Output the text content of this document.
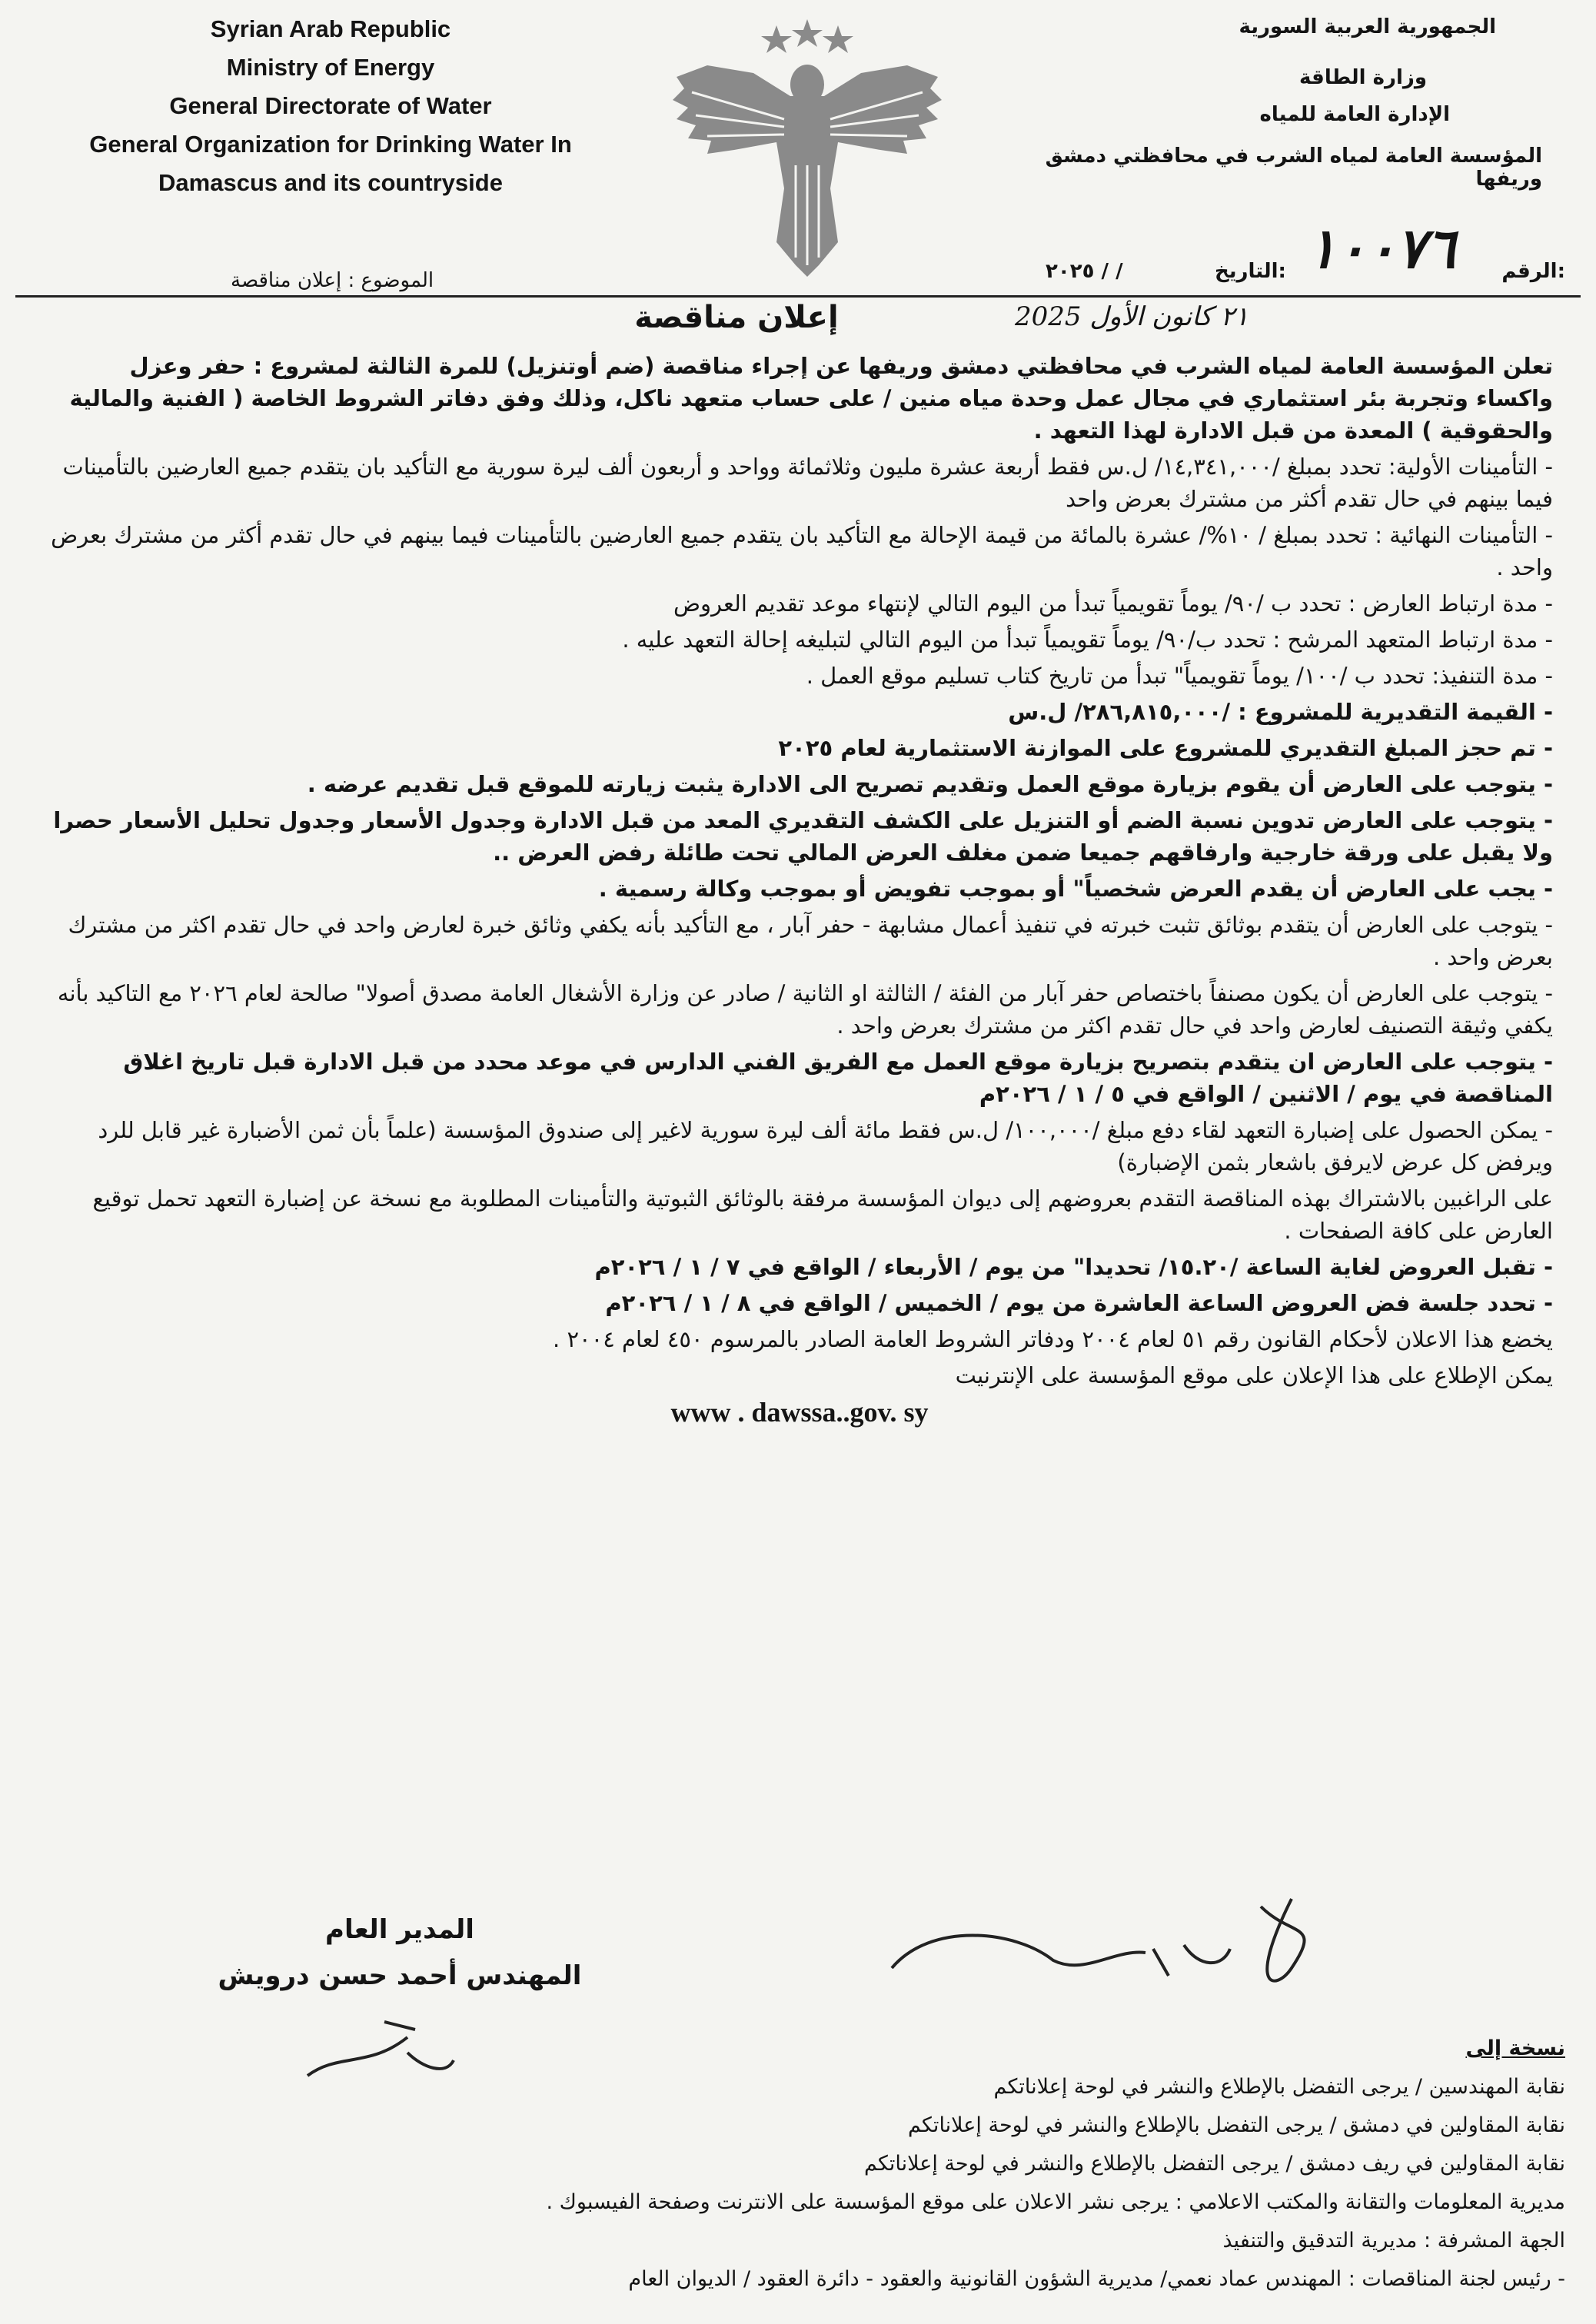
Syrian Arab Republic
Ministry of Energy
General Directorate of Water
General Organization for Drinking Water In
Damascus and its countryside
الموضوع : إعلان مناقصة
الجمهورية العربية السورية
وزارة الطاقة
الإدارة العامة للمياه
المؤسسة العامة لمياه الشرب في محافظتي دمشق وريفها
الرقم:
١٠٠٧٦
التاريخ:
/ / ٢٠٢٥
٢١ كانون الأول 2025
إعلان مناقصة

تعلن المؤسسة العامة لمياه الشرب في محافظتي دمشق وريفها عن إجراء مناقصة (ضم أوتنزيل) للمرة الثالثة لمشروع : حفر وعزل واكساء وتجربة بئر استثماري في مجال عمل وحدة مياه منين / على حساب متعهد ناكل، وذلك وفق دفاتر الشروط الخاصة ( الفنية والمالية والحقوقية ) المعدة من قبل الادارة لهذا التعهد .

- التأمينات الأولية: تحدد بمبلغ /١٤,٣٤١,٠٠٠/ ل.س فقط أربعة عشرة مليون وثلاثمائة وواحد و أربعون ألف ليرة سورية مع التأكيد بان يتقدم جميع العارضين بالتأمينات فيما بينهم في حال تقدم أكثر من مشترك بعرض واحد

- التأمينات النهائية : تحدد بمبلغ / ١٠%/ عشرة بالمائة من قيمة الإحالة مع التأكيد بان يتقدم جميع العارضين بالتأمينات فيما بينهم في حال تقدم أكثر من مشترك بعرض واحد .

- مدة ارتباط العارض : تحدد ب /٩٠/ يوماً تقويمياً تبدأ من اليوم التالي لإنتهاء موعد تقديم العروض

- مدة ارتباط المتعهد المرشح : تحدد ب/٩٠/ يوماً تقويمياً تبدأ من اليوم التالي لتبليغه إحالة التعهد عليه .

- مدة التنفيذ: تحدد ب /١٠٠/ يوماً تقويمياً" تبدأ من تاريخ كتاب تسليم موقع العمل .

- القيمة التقديرية للمشروع : /٢٨٦,٨١٥,٠٠٠/ ل.س

- تم حجز المبلغ التقديري للمشروع على الموازنة الاستثمارية لعام ٢٠٢٥

- يتوجب على العارض أن يقوم بزيارة موقع العمل وتقديم تصريح الى الادارة يثبت زيارته للموقع قبل تقديم عرضه .

- يتوجب على العارض تدوين نسبة الضم أو التنزيل على الكشف التقديري المعد من قبل الادارة وجدول الأسعار وجدول تحليل الأسعار حصرا ولا يقبل على ورقة خارجية وارفاقهم جميعا ضمن مغلف العرض المالي تحت طائلة رفض العرض ..

- يجب على العارض أن يقدم العرض شخصياً" أو بموجب تفويض أو بموجب وكالة رسمية .

- يتوجب على العارض أن يتقدم بوثائق تثبت خبرته في تنفيذ أعمال مشابهة - حفر آبار ، مع التأكيد بأنه يكفي وثائق خبرة لعارض واحد في حال تقدم اكثر من مشترك بعرض واحد .

- يتوجب على العارض أن يكون مصنفاً باختصاص حفر آبار من الفئة / الثالثة او الثانية / صادر عن وزارة الأشغال العامة مصدق أصولا" صالحة لعام ٢٠٢٦ مع التاكيد بأنه يكفي وثيقة التصنيف لعارض واحد في حال تقدم اكثر من مشترك بعرض واحد .

- يتوجب على العارض ان يتقدم بتصريح بزيارة موقع العمل مع الفريق الفني الدارس في موعد محدد من قبل الادارة قبل تاريخ اغلاق المناقصة في يوم / الاثنين / الواقع في ٥ / ١ / ٢٠٢٦م

- يمكن الحصول على إضبارة التعهد لقاء دفع مبلغ /١٠٠,٠٠٠/ ل.س فقط مائة ألف ليرة سورية لاغير إلى صندوق المؤسسة (علماً بأن ثمن الأضبارة غير قابل للرد ويرفض كل عرض لايرفق باشعار بثمن الإضبارة)

على الراغبين بالاشتراك بهذه المناقصة التقدم بعروضهم إلى ديوان المؤسسة مرفقة بالوثائق الثبوتية والتأمينات المطلوبة مع نسخة عن إضبارة التعهد تحمل توقيع العارض على كافة الصفحات .

- تقبل العروض لغاية الساعة /١٥.٢٠/ تحديدا" من يوم / الأربعاء / الواقع في ٧ / ١ / ٢٠٢٦م

- تحدد جلسة فض العروض الساعة العاشرة من يوم / الخميس / الواقع في ٨ / ١ / ٢٠٢٦م

يخضع هذا الاعلان لأحكام القانون رقم ٥١ لعام ٢٠٠٤ ودفاتر الشروط العامة الصادر بالمرسوم ٤٥٠ لعام ٢٠٠٤ .

يمكن الإطلاع على هذا الإعلان على موقع المؤسسة على الإنترنيت

www . dawssa..gov. sy
المدير العام
المهندس أحمد حسن درويش
نسخة إلى
نقابة المهندسين / يرجى التفضل بالإطلاع والنشر في لوحة إعلاناتكم
نقابة المقاولين في دمشق / يرجى التفضل بالإطلاع والنشر في لوحة إعلاناتكم
نقابة المقاولين في ريف دمشق / يرجى التفضل بالإطلاع والنشر في لوحة إعلاناتكم
مديرية المعلومات والتقانة والمكتب الاعلامي : يرجى نشر الاعلان على موقع المؤسسة على الانترنت وصفحة الفيسبوك .
الجهة المشرفة : مديرية التدقيق والتنفيذ
- رئيس لجنة المناقصات : المهندس عماد نعمي/ مديرية الشؤون القانونية والعقود - دائرة العقود / الديوان العام
